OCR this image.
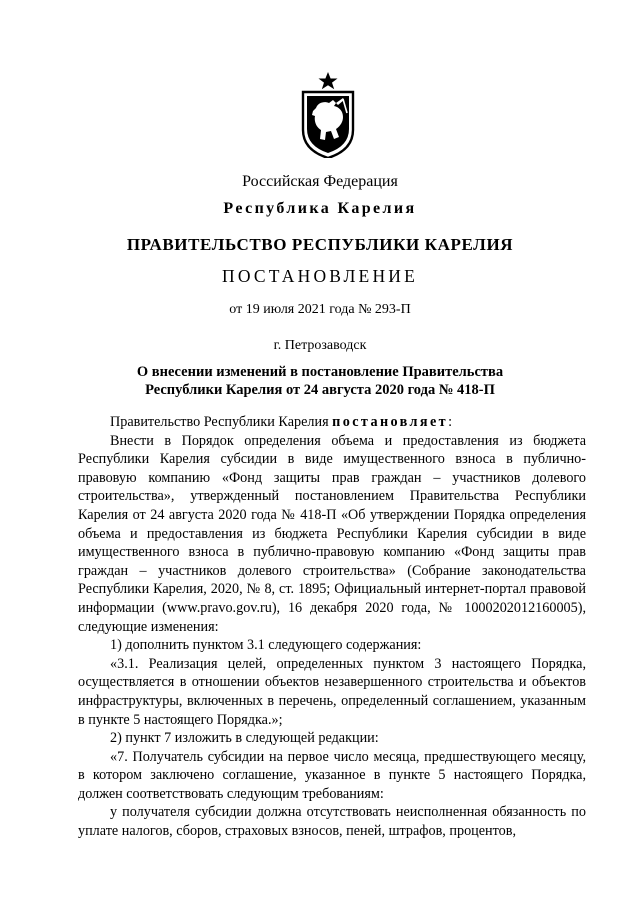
Российская Федерация
Республика Карелия
ПРАВИТЕЛЬСТВО РЕСПУБЛИКИ КАРЕЛИЯ
ПОСТАНОВЛЕНИЕ
от 19 июля 2021 года № 293-П
г. Петрозаводск
О внесении изменений в постановление Правительства
Республики Карелия от 24 августа 2020 года № 418-П

Правительство Республики Карелия постановляет:

Внести в Порядок определения объема и предоставления из бюджета Республики Карелия субсидии в виде имущественного взноса в публично-правовую компанию «Фонд защиты прав граждан – участников долевого строительства», утвержденный постановлением Правительства Республики Карелия от 24 августа 2020 года № 418-П «Об утверждении Порядка определения объема и предоставления из бюджета Республики Карелия субсидии в виде имущественного взноса в публично-правовую компанию «Фонд защиты прав граждан – участников долевого строительства» (Собрание законодательства Республики Карелия, 2020, № 8, ст. 1895; Официальный интернет-портал правовой информации (www.pravo.gov.ru), 16 декабря 2020 года, № 1000202012160005), следующие изменения:

1) дополнить пунктом 3.1 следующего содержания:

«3.1. Реализация целей, определенных пунктом 3 настоящего Порядка, осуществляется в отношении объектов незавершенного строительства и объектов инфраструктуры, включенных в перечень, определенный соглашением, указанным в пункте 5 настоящего Порядка.»;

2) пункт 7 изложить в следующей редакции:

«7. Получатель субсидии на первое число месяца, предшествующего месяцу, в котором заключено соглашение, указанное в пункте 5 настоящего Порядка, должен соответствовать следующим требованиям:

у получателя субсидии должна отсутствовать неисполненная обязанность по уплате налогов, сборов, страховых взносов, пеней, штрафов, процентов,
